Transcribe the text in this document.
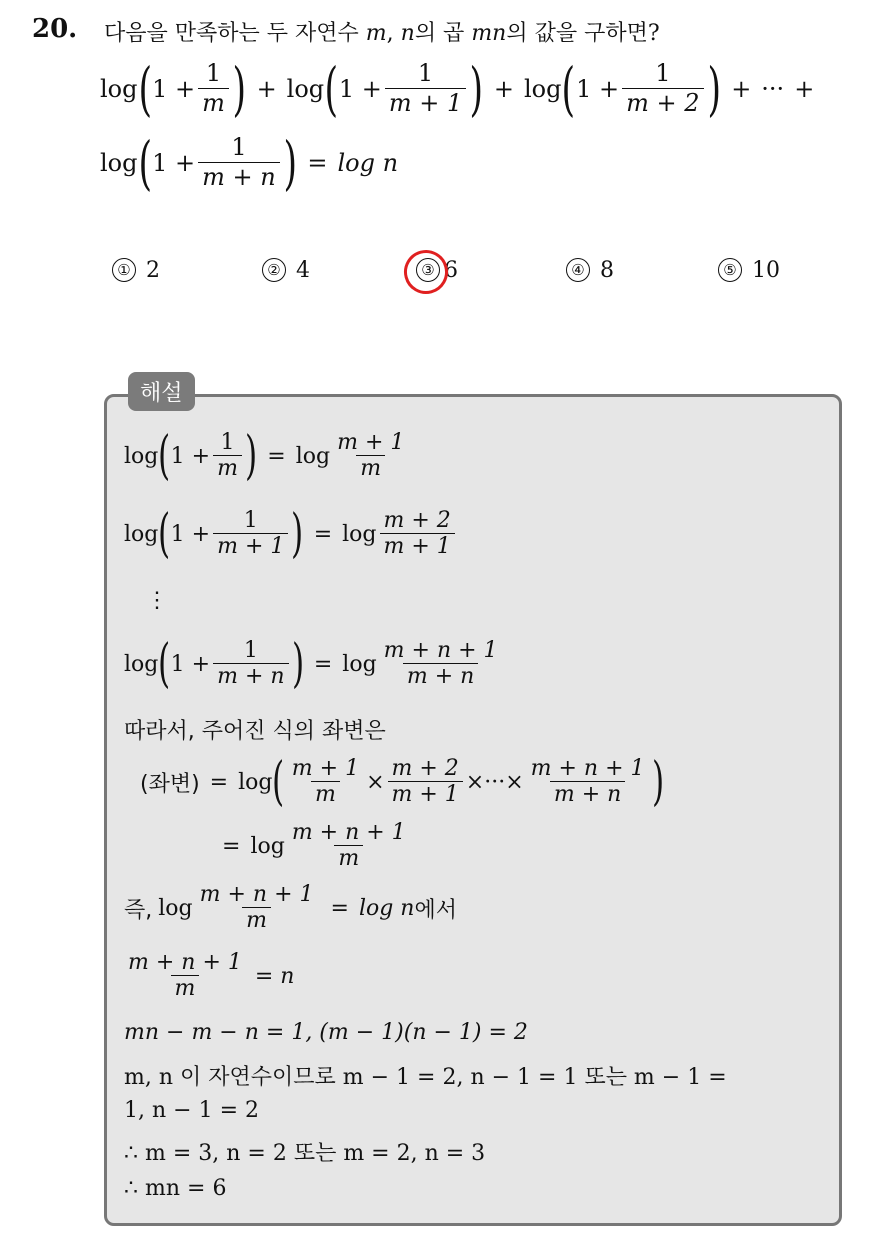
20. 다음을 만족하는 두 자연수 m, n의 곱 mn의 값을 구하면?
log ( $1 + \frac{1}{m}$ ) + log ( $1 + \frac{1}{m + 1}$ ) + log ( $1 + \frac{1}{m + 2}$ ) + ··· +
log ( $1 + \frac{1}{m + n}$ ) = log n
① 2	② 4	③ 6	④ 8	⑤ 10
해설
log ( $1 + \frac{1}{m}$ ) = $\log \frac{m + 1}{m}$
log ( $1 + \frac{1}{m + 1}$ ) = $\log \frac{m + 2}{m + 1}$
⋮
log ( $1 + \frac{1}{m + n}$ ) = $\log \frac{m + n + 1}{m + n}$
따라서, 주어진 식의 좌변은
(좌변) = log ( $\frac{m + 1}{m} \times \frac{m + 2}{m + 1}$ ×···× $\frac{m + n + 1}{m + n}$ )
= $\log \frac{m + n + 1}{m}$
즉, $\log \frac{m + n + 1}{m} = \log n$ 에서
$\frac{m + n + 1}{m} = n$
mn − m − n = 1, (m − 1)(n − 1) = 2
m, n 이 자연수이므로 m − 1 = 2, n − 1 = 1 또는 m − 1 =
1, n − 1 = 2
∴ m = 3, n = 2 또는 m = 2, n = 3
∴ mn = 6
